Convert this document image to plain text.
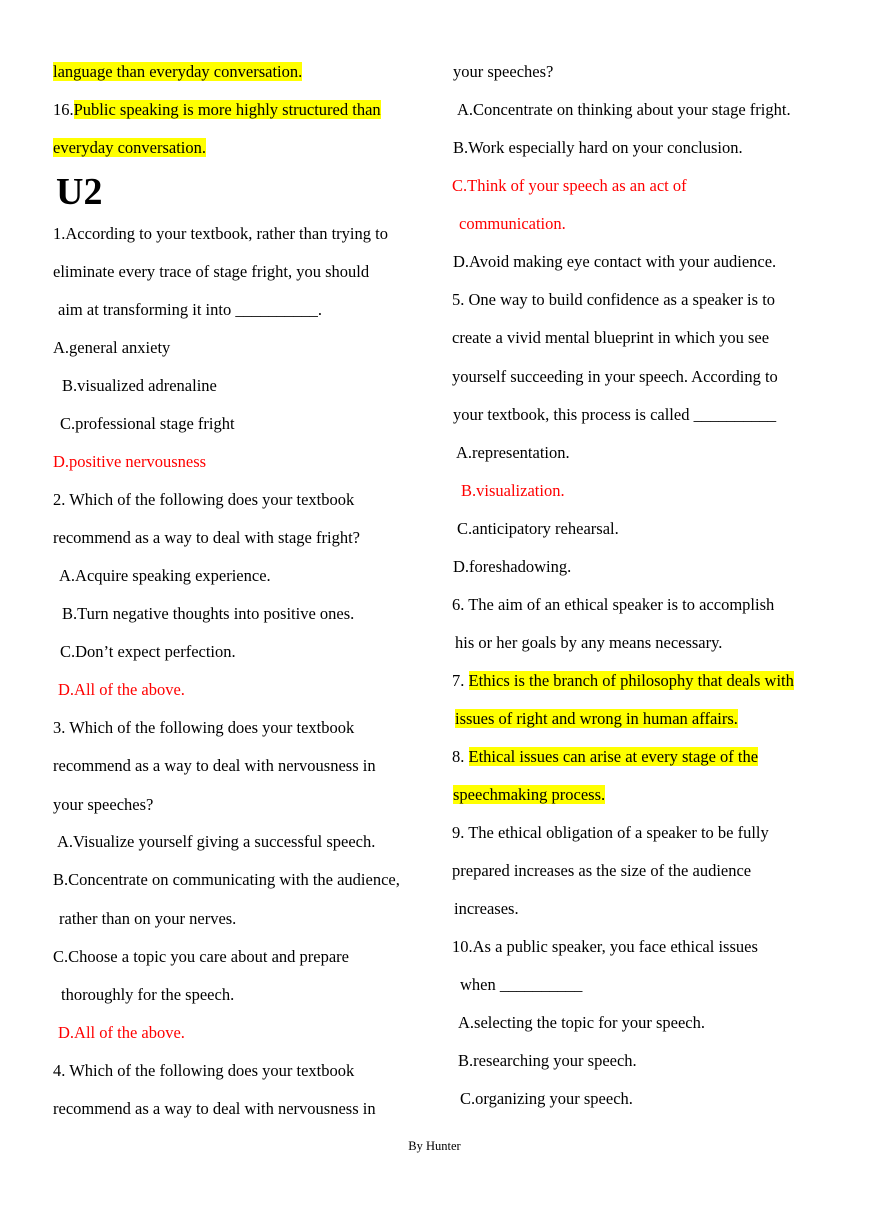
language than everyday conversation.
16.Public speaking is more highly structured than
everyday conversation.
1.According to your textbook, rather than trying to
eliminate every trace of stage fright, you should
aim at transforming it into __________.
A.general anxiety
B.visualized adrenaline
C.professional stage fright
D.positive nervousness
2. Which of the following does your textbook
recommend as a way to deal with stage fright?
A.Acquire speaking experience.
B.Turn negative thoughts into positive ones.
C.Don’t expect perfection.
D.All of the above.
3. Which of the following does your textbook
recommend as a way to deal with nervousness in
your speeches?
A.Visualize yourself giving a successful speech.
B.Concentrate on communicating with the audience,
rather than on your nerves.
C.Choose a topic you care about and prepare
thoroughly for the speech.
D.All of the above.
4. Which of the following does your textbook
recommend as a way to deal with nervousness in
your speeches?
A.Concentrate on thinking about your stage fright.
B.Work especially hard on your conclusion.
C.Think of your speech as an act of
communication.
D.Avoid making eye contact with your audience.
5. One way to build confidence as a speaker is to
create a vivid mental blueprint in which you see
yourself succeeding in your speech. According to
your textbook, this process is called __________
A.representation.
B.visualization.
C.anticipatory rehearsal.
D.foreshadowing.
6. The aim of an ethical speaker is to accomplish
his or her goals by any means necessary.
7. Ethics is the branch of philosophy that deals with
issues of right and wrong in human affairs.
8. Ethical issues can arise at every stage of the
speechmaking process.
9. The ethical obligation of a speaker to be fully
prepared increases as the size of the audience
increases.
10.As a public speaker, you face ethical issues
when __________
A.selecting the topic for your speech.
B.researching your speech.
C.organizing your speech.
U2
By Hunter
